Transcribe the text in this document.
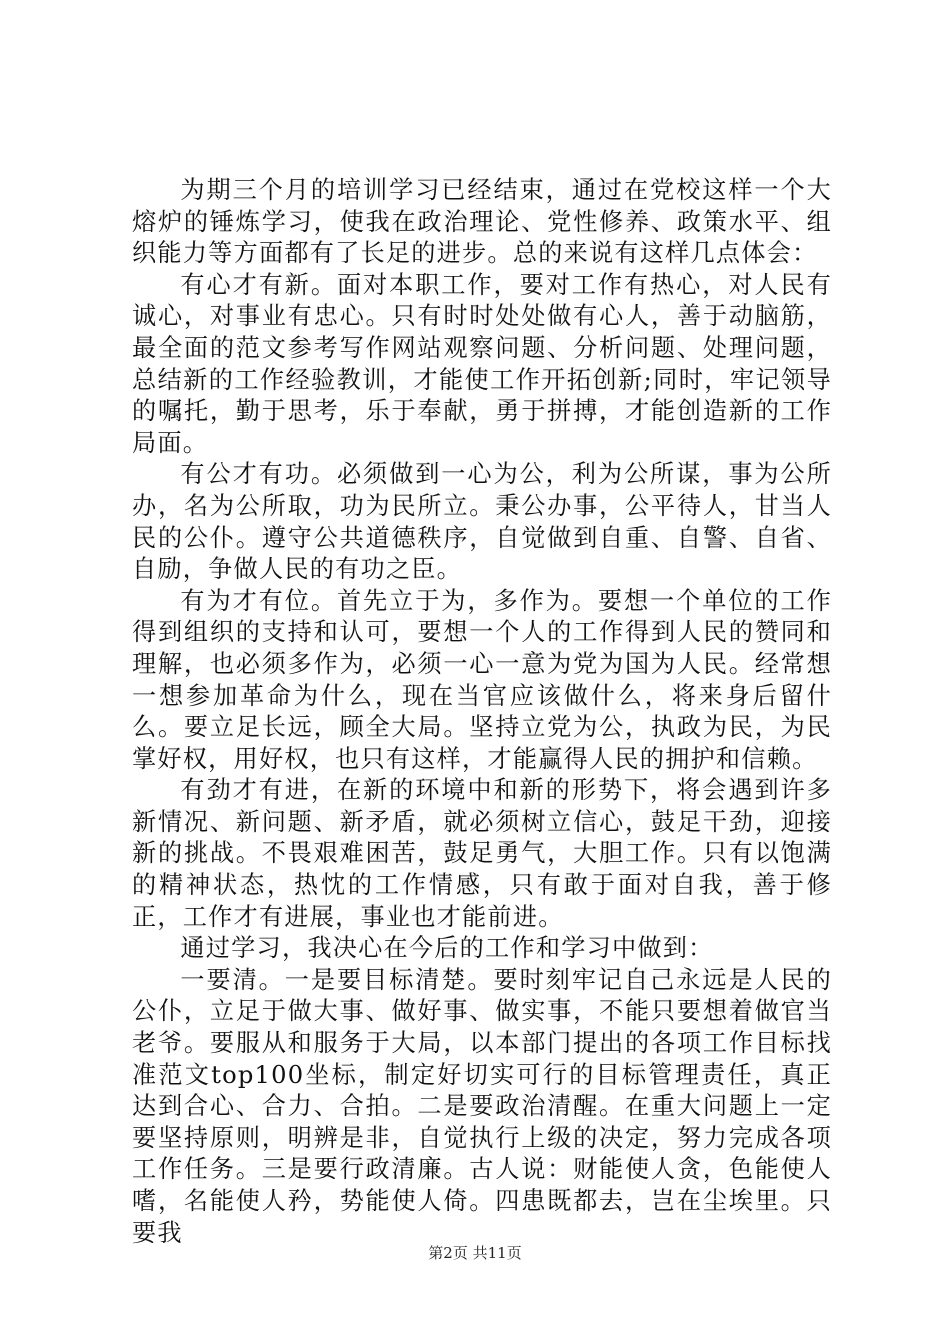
为期三个月的培训学习已经结束，通过在党校这样一个大熔炉的锤炼学习，使我在政治理论、党性修养、政策水平、组织能力等方面都有了长足的进步。总的来说有这样几点体会：

有心才有新。面对本职工作，要对工作有热心，对人民有诚心，对事业有忠心。只有时时处处做有心人，善于动脑筋，最全面的范文参考写作网站观察问题、分析问题、处理问题，总结新的工作经验教训，才能使工作开拓创新;同时，牢记领导的嘱托，勤于思考，乐于奉献，勇于拼搏，才能创造新的工作局面。

有公才有功。必须做到一心为公，利为公所谋，事为公所办，名为公所取，功为民所立。秉公办事，公平待人，甘当人民的公仆。遵守公共道德秩序，自觉做到自重、自警、自省、自励，争做人民的有功之臣。

有为才有位。首先立于为，多作为。要想一个单位的工作得到组织的支持和认可，要想一个人的工作得到人民的赞同和理解，也必须多作为，必须一心一意为党为国为人民。经常想一想参加革命为什么，现在当官应该做什么，将来身后留什么。要立足长远，顾全大局。坚持立党为公，执政为民，为民掌好权，用好权，也只有这样，才能赢得人民的拥护和信赖。

有劲才有进，在新的环境中和新的形势下，将会遇到许多新情况、新问题、新矛盾，就必须树立信心，鼓足干劲，迎接新的挑战。不畏艰难困苦，鼓足勇气，大胆工作。只有以饱满的精神状态，热忱的工作情感，只有敢于面对自我，善于修正，工作才有进展，事业也才能前进。

通过学习，我决心在今后的工作和学习中做到：

一要清。一是要目标清楚。要时刻牢记自己永远是人民的公仆，立足于做大事、做好事、做实事，不能只要想着做官当老爷。要服从和服务于大局，以本部门提出的各项工作目标找准范文top100坐标，制定好切实可行的目标管理责任，真正达到合心、合力、合拍。二是要政治清醒。在重大问题上一定要坚持原则，明辨是非，自觉执行上级的决定，努力完成各项工作任务。三是要行政清廉。古人说：财能使人贪，色能使人嗜，名能使人矜，势能使人倚。四患既都去，岂在尘埃里。只要我

第2页 共11页
